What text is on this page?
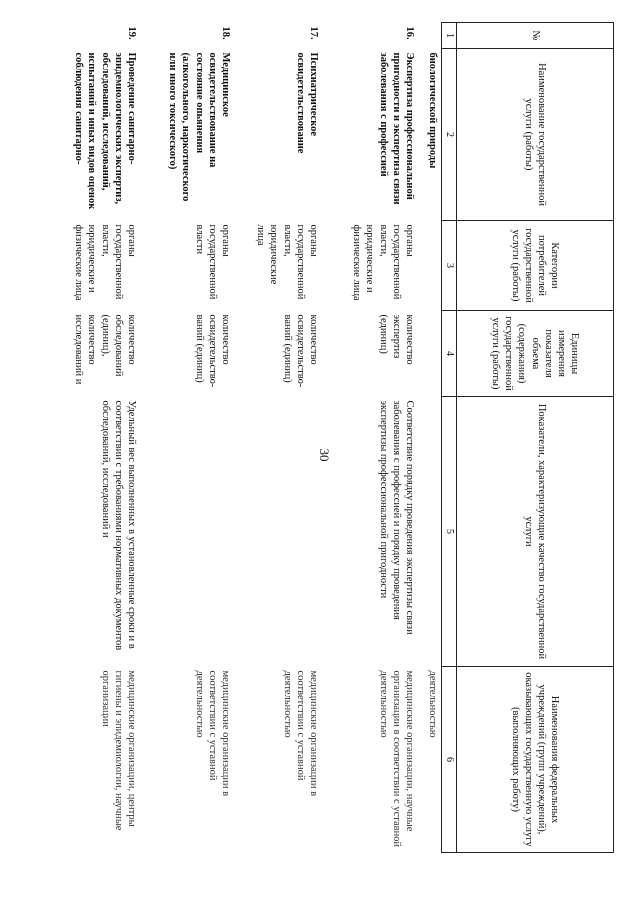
30
№	Наименование государственной услуги (работы)	Категории потребителей государственной услуги (работы)	Единицы измерения показателя объема (содержания) государственной услуги (работы)	Показатели, характеризующие качество государственной услуги	Наименования федеральных учреждений (групп учреждений), оказывающих государственную услугу (выполняющих работу)
1	2	3	4	5	6
	биологической природы				деятельностью
16.	Экспертиза профессиональной пригодности и экспертиза связи заболевания с профессией	органы государственной власти, юридические и физические лица	количество экспертиз (единиц)	Соответствие порядку проведения экспертизы связи заболевания с профессией и порядку проведения экспертизы профессиональной пригодности	медицинские организации, научные организации в соответствии с уставной деятельностью
17.	Психиатрическое освидетельствование	органы государственной власти, юридические лица	количество освидетельство-ваний (единиц)		медицинские организации в соответствии с уставной деятельностью
18.	Медицинское освидетельствование на состояние опьянения (алкогольного, наркотического или иного токсического)	органы государственной власти	количество освидетельство-ваний (единиц)		медицинские организации в соответствии с уставной деятельностью
19.	Проведение санитарно-эпидемиологических экспертиз, обследований, исследований, испытаний и иных видов оценок соблюдения санитарно-	органы государственной власти, юридические и физические лица	количество обследований (единиц), количество исследований и	Удельный вес выполненных в установленные сроки и в соответствии с требованиями нормативных документов обследований, исследований и	медицинские организации, центры гигиены и эпидемиологии, научные организации
